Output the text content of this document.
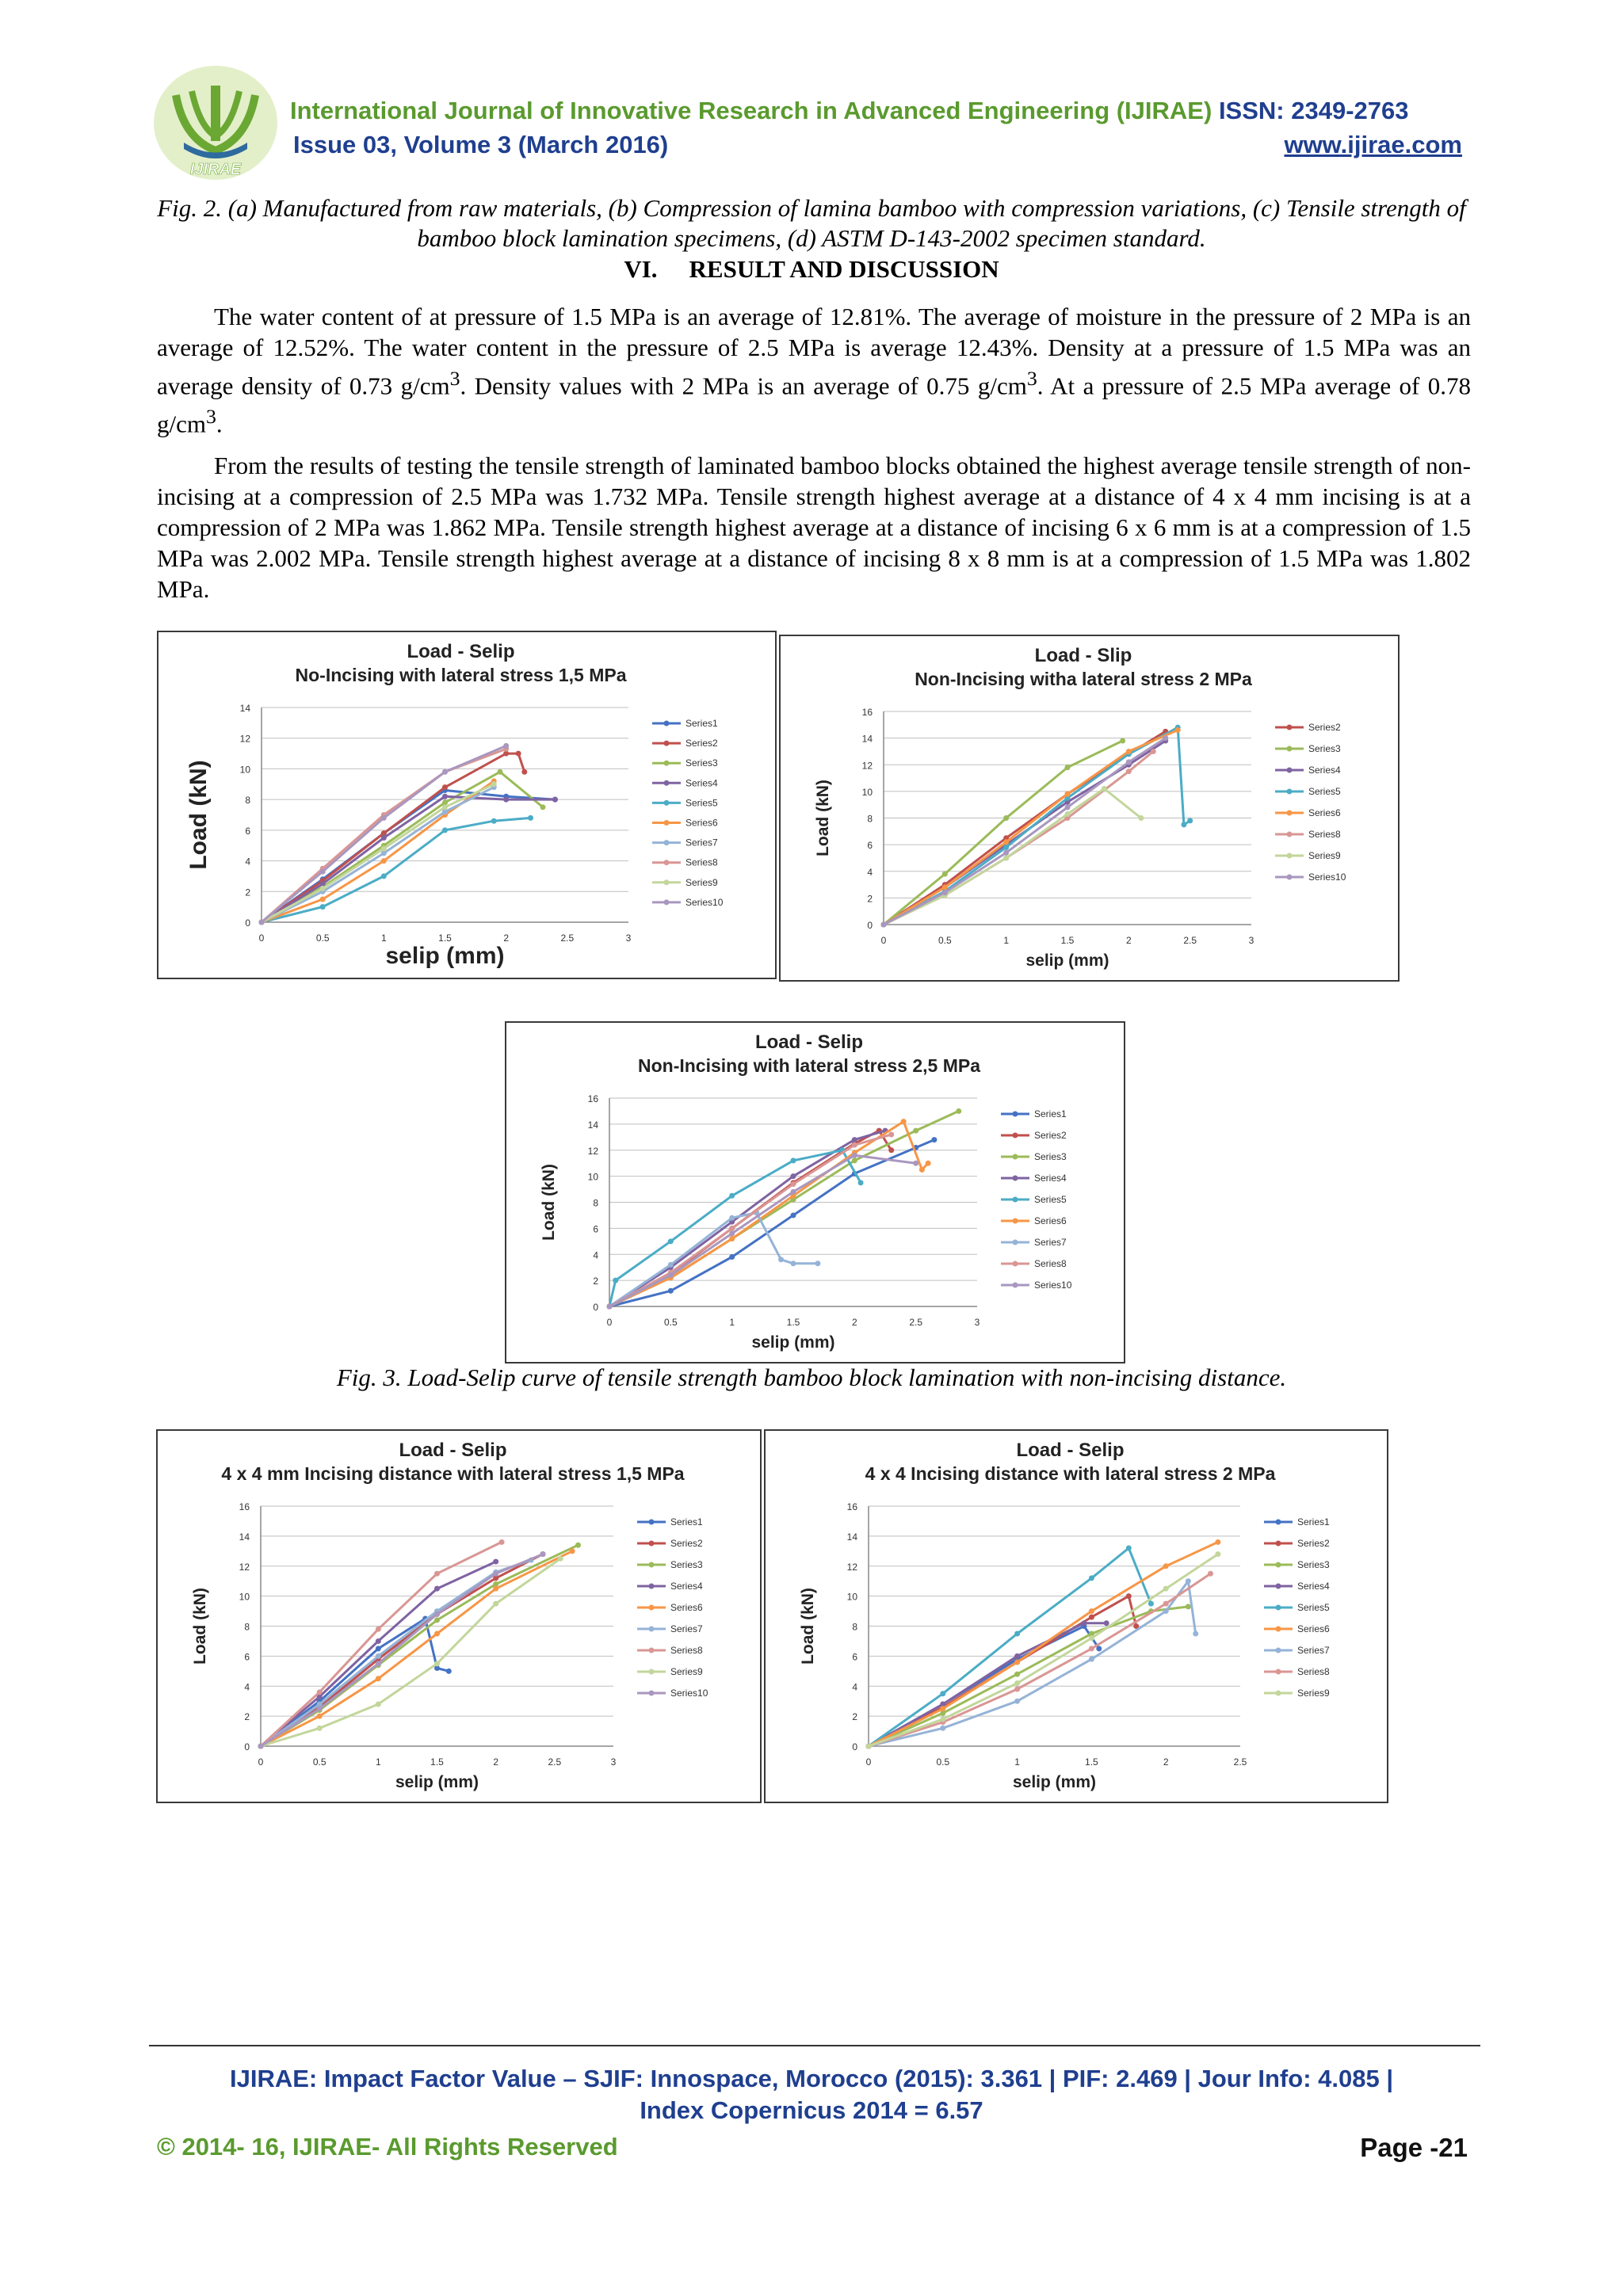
IJIRAE
International Journal of Innovative Research in Advanced Engineering (IJIRAE) ISSN: 2349-2763
Issue 03, Volume 3 (March 2016)	www.ijirae.com
Fig. 2. (a) Manufactured from raw materials, (b) Compression of lamina bamboo with compression variations, (c) Tensile strength of bamboo block lamination specimens, (d) ASTM D-143-2002 specimen standard.
VI. RESULT AND DISCUSSION

The water content of at pressure of 1.5 MPa is an average of 12.81%. The average of moisture in the pressure of 2 MPa is an average of 12.52%. The water content in the pressure of 2.5 MPa is average 12.43%. Density at a pressure of 1.5 MPa was an average density of 0.73 $g/cm^3$. Density values with 2 MPa is an average of 0.75 $g/cm^3$. At a pressure of 2.5 MPa average of 0.78 $g/cm^3$.

From the results of testing the tensile strength of laminated bamboo blocks obtained the highest average tensile strength of non-incising at a compression of 2.5 MPa was 1.732 MPa. Tensile strength highest average at a distance of 4 x 4 mm incising is at a compression of 2 MPa was 1.862 MPa. Tensile strength highest average at a distance of incising 6 x 6 mm is at a compression of 1.5 MPa was 2.002 MPa. Tensile strength highest average at a distance of incising 8 x 8 mm is at a compression of 1.5 MPa was 1.802 MPa.

Load - Selip
No-Incising with lateral stress 1,5 MPa
0
2
4
6
8
10
12
14
0	0.5	1	1.5	2	2.5	3
selip (mm)
Load (kN)
Series1
Series2
Series3
Series4
Series5
Series6
Series7
Series8
Series9
Series10
Load - Slip
Non-Incising witha lateral stress 2 MPa
0
2
4
6
8
10
12
14
16
0	0.5	1	1.5	2	2.5	3
selip (mm)
Load (kN)
Series2
Series3
Series4
Series5
Series6
Series8
Series9
Series10
Load - Selip
Non-Incising with lateral stress 2,5 MPa
0
2
4
6
8
10
12
14
16
0	0.5	1	1.5	2	2.5	3
selip (mm)
Load (kN)
Series1
Series2
Series3
Series4
Series5
Series6
Series7
Series8
Series10
Fig. 3. Load-Selip curve of tensile strength bamboo block lamination with non-incising distance.
Load - Selip
4 x 4 mm Incising distance with lateral stress 1,5 MPa
0
2
4
6
8
10
12
14
16
0	0.5	1	1.5	2	2.5	3
selip (mm)
Load (kN)
Series1
Series2
Series3
Series4
Series6
Series7
Series8
Series9
Series10
Load - Selip
4 x 4 Incising distance with lateral stress 2 MPa
0
2
4
6
8
10
12
14
16
0	0.5	1	1.5	2	2.5
selip (mm)
Load (kN)
Series1
Series2
Series3
Series4
Series5
Series6
Series7
Series8
Series9
IJIRAE: Impact Factor Value – SJIF: Innospace, Morocco (2015): 3.361 | PIF: 2.469 | Jour Info: 4.085 |
Index Copernicus 2014 = 6.57
© 2014- 16, IJIRAE- All Rights Reserved	Page -21
